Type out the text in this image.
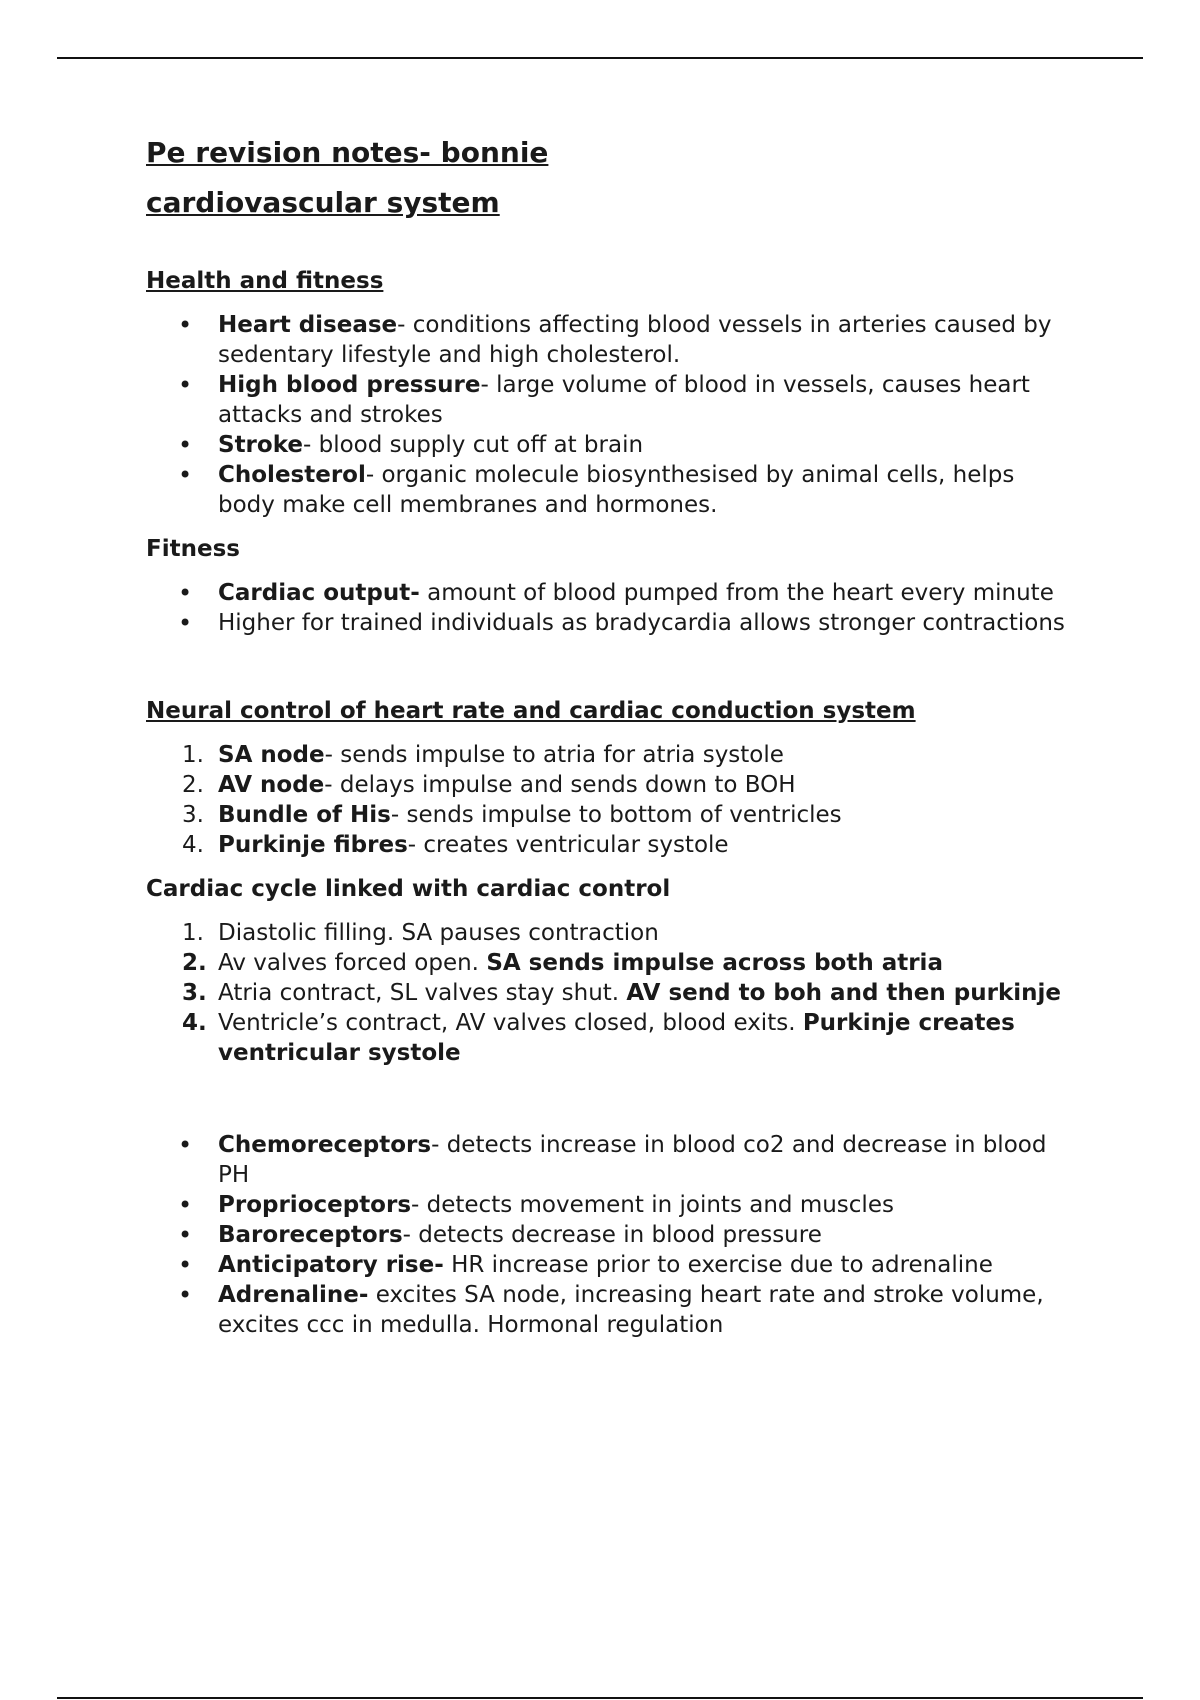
Pe revision notes- bonnie

cardiovascular system

Health and fitness

• Heart disease- conditions affecting blood vessels in arteries caused by sedentary lifestyle and high cholesterol.
• High blood pressure- large volume of blood in vessels, causes heart attacks and strokes
• Stroke- blood supply cut off at brain
• Cholesterol- organic molecule biosynthesised by animal cells, helps body make cell membranes and hormones.

Fitness

• Cardiac output- amount of blood pumped from the heart every minute
• Higher for trained individuals as bradycardia allows stronger contractions

Neural control of heart rate and cardiac conduction system

1. SA node- sends impulse to atria for atria systole
2. AV node- delays impulse and sends down to BOH
3. Bundle of His- sends impulse to bottom of ventricles
4. Purkinje fibres- creates ventricular systole

Cardiac cycle linked with cardiac control

1. Diastolic filling. SA pauses contraction
2. Av valves forced open. SA sends impulse across both atria
3. Atria contract, SL valves stay shut. AV send to boh and then purkinje
4. Ventricle’s contract, AV valves closed, blood exits. Purkinje creates ventricular systole
• Chemoreceptors- detects increase in blood co2 and decrease in blood PH
• Proprioceptors- detects movement in joints and muscles
• Baroreceptors- detects decrease in blood pressure
• Anticipatory rise- HR increase prior to exercise due to adrenaline
• Adrenaline- excites SA node, increasing heart rate and stroke volume, excites ccc in medulla. Hormonal regulation
